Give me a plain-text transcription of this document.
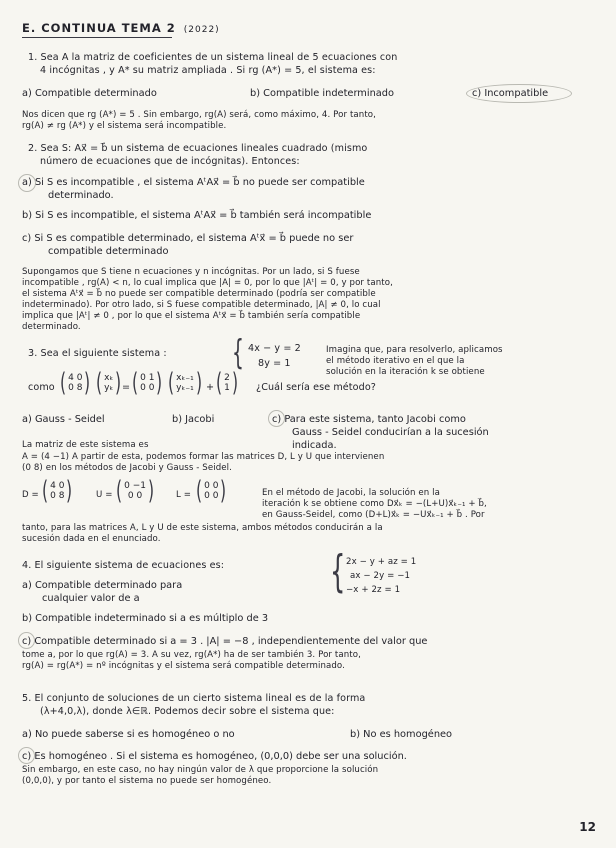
E. CONTINUA TEMA 2 (2022)
1. Sea A la matriz de coeficientes de un sistema lineal de 5 ecuaciones con
4 incógnitas , y A* su matriz ampliada . Si rg (A*) = 5, el sistema es:
a) Compatible determinado	b) Compatible indeterminado	c) Incompatible
Nos dicen que rg (A*) = 5 . Sin embargo, rg(A) será, como máximo, 4. Por tanto,
rg(A) ≠ rg (A*) y el sistema será incompatible.
2. Sea S: Ax⃗ = b⃗ un sistema de ecuaciones lineales cuadrado (mismo
número de ecuaciones que de incógnitas). Entonces:
a) Si S es incompatible , el sistema AᵗAx⃗ = b⃗ no puede ser compatible
determinado.
b) Si S es incompatible, el sistema AᵗAx⃗ = b⃗ también será incompatible
c) Si S es compatible determinado, el sistema Aᵗx⃗ = b⃗ puede no ser
compatible determinado
Supongamos que S tiene n ecuaciones y n incógnitas. Por un lado, si S fuese
incompatible , rg(A) < n, lo cual implica que |A| = 0, por lo que |Aᵗ| = 0, y por tanto,
el sistema Aᵗx⃗ = b⃗ no puede ser compatible determinado (podría ser compatible
indeterminado). Por otro lado, si S fuese compatible determinado, |A| ≠ 0, lo cual
implica que |Aᵗ| ≠ 0 , por lo que el sistema Aᵗx⃗ = b⃗ también sería compatible
determinado.
3. Sea el siguiente sistema : { 4x − y = 2
8y = 1
Imagina que, para resolverlo, aplicamos
el método iterativo en el que la
solución en la iteración k se obtiene
como ( 4 0
0 8 ) ( xₖ
yₖ ) = ( 0 1
0 0 ) ( xₖ₋₁
yₖ₋₁ ) + ( 2
1 ) ¿Cuál sería ese método?
a) Gauss - Seidel	b) Jacobi	c) Para este sistema, tanto Jacobi como
Gauss - Seidel conducirían a la sucesión
indicada.
La matriz de este sistema es
A = (4 −1) A partir de esta, podemos formar las matrices D, L y U que intervienen
(0 8) en los métodos de Jacobi y Gauss - Seidel.
D = ( 4 0
0 8 )	U = ( 0 −1
0 0 )	L = ( 0 0
0 0 )	En el método de Jacobi, la solución en la
iteración k se obtiene como Dx⃗ₖ = −(L+U)x⃗ₖ₋₁ + b⃗,
en Gauss-Seidel, como (D+L)x⃗ₖ = −Ux⃗ₖ₋₁ + b⃗ . Por
tanto, para las matrices A, L y U de este sistema, ambos métodos conducirán a la
sucesión dada en el enunciado.
4. El siguiente sistema de ecuaciones es: { 2x − y + az = 1
ax − 2y = −1
−x + 2z = 1
a) Compatible determinado para
cualquier valor de a
b) Compatible indeterminado si a es múltiplo de 3
c) Compatible determinado si a = 3 . |A| = −8 , independientemente del valor que
tome a, por lo que rg(A) = 3. A su vez, rg(A*) ha de ser también 3. Por tanto,
rg(A) = rg(A*) = nº incógnitas y el sistema será compatible determinado.
5. El conjunto de soluciones de un cierto sistema lineal es de la forma
(λ+4,0,λ), donde λ∈ℝ. Podemos decir sobre el sistema que:
a) No puede saberse si es homogéneo o no	b) No es homogéneo
c) Es homogéneo . Si el sistema es homogéneo, (0,0,0) debe ser una solución.
Sin embargo, en este caso, no hay ningún valor de λ que proporcione la solución
(0,0,0), y por tanto el sistema no puede ser homogéneo.
12
